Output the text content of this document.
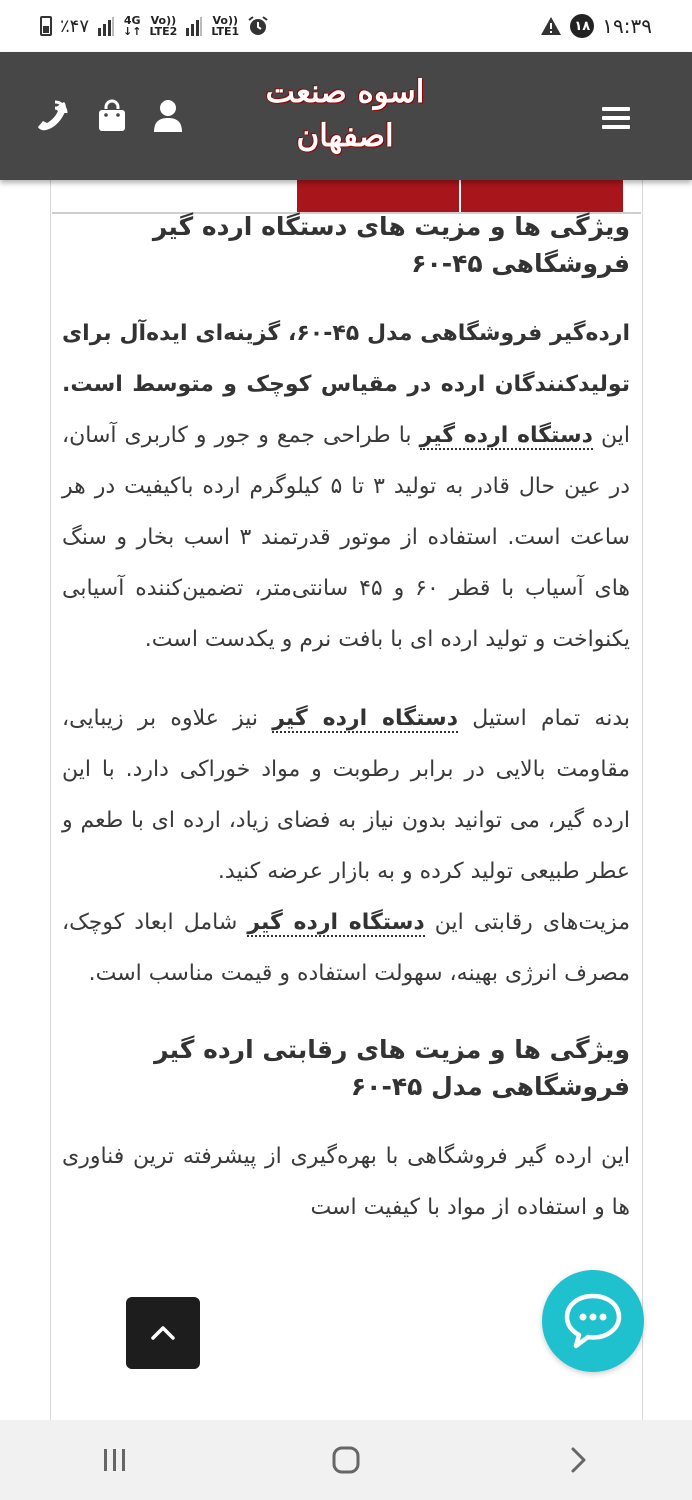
٪۴۷	4G
↓↑
Vo))
LTE2
Vo))
LTE1	۱۸ ۱۹:۳۹
اسوه صنعت
اصفهان
ویژگی ها و مزیت های دستگاه ارده گیر فروشگاهی ۴۵-۶۰

ارده‌گیر فروشگاهی مدل ۴۵-۶۰، گزینه‌ای ایده‌آل برای تولیدکنندگان ارده در مقیاس کوچک و متوسط است. این دستگاه ارده گیر با طراحی جمع و جور و کاربری آسان، در عین حال قادر به تولید ۳ تا ۵ کیلوگرم ارده باکیفیت در هر ساعت است. استفاده از موتور قدرتمند ۳ اسب بخار و سنگ های آسیاب با قطر ۶۰ و ۴۵ سانتی‌متر، تضمین‌کننده آسیابی یکنواخت و تولید ارده ای با بافت نرم و یکدست است.

بدنه تمام استیل دستگاه ارده گیر نیز علاوه بر زیبایی، مقاومت بالایی در برابر رطوبت و مواد خوراکی دارد. با این ارده گیر، می توانید بدون نیاز به فضای زیاد، ارده ای با طعم و عطر طبیعی تولید کرده و به بازار عرضه کنید.

مزیت‌های رقابتی این دستگاه ارده گیر شامل ابعاد کوچک، مصرف انرژی بهینه، سهولت استفاده و قیمت مناسب است.

ویژگی ها و مزیت های رقابتی ارده گیر فروشگاهی مدل ۴۵-۶۰

این ارده گیر فروشگاهی با بهره‌گیری از پیشرفته ترین فناوری ها و استفاده از مواد با کیفیت است
